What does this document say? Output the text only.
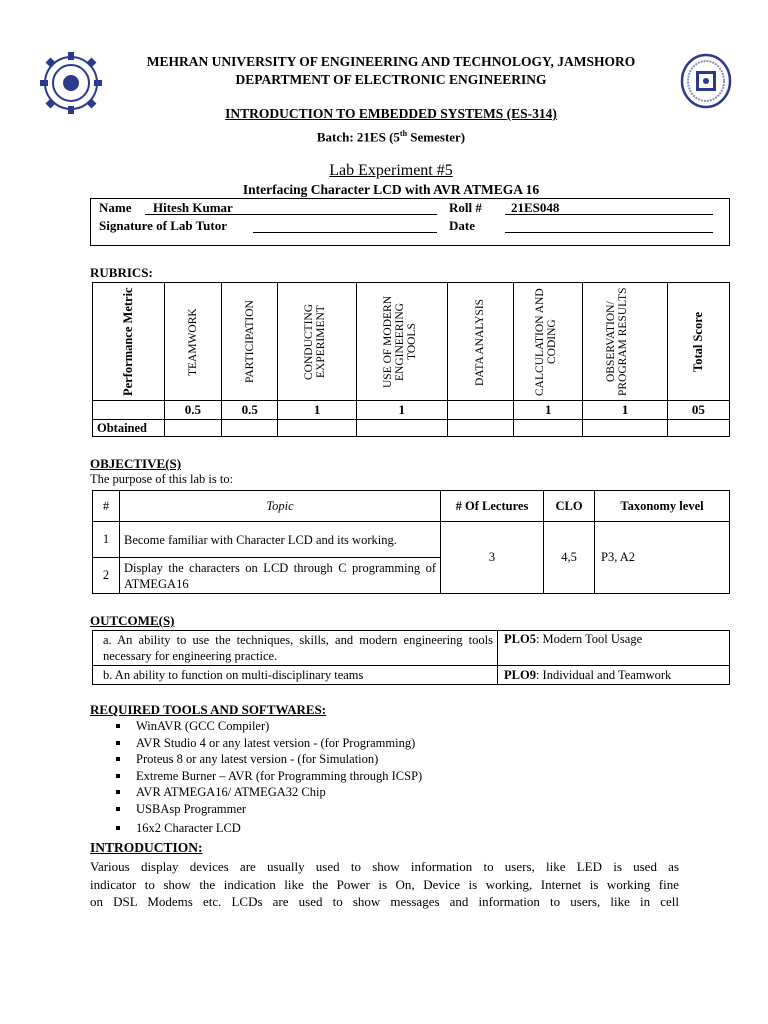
MEHRAN UNIVERSITY OF ENGINEERING AND TECHNOLOGY, JAMSHORO
DEPARTMENT OF ELECTRONIC ENGINEERING
INTRODUCTION TO EMBEDDED SYSTEMS (ES-314)
Batch: 21ES (5th Semester)
Lab Experiment #5
Interfacing Character LCD with AVR ATMEGA 16
Name Hitesh Kumar	Roll # 21ES048
Signature of Lab Tutor	Date
RUBRICS:
Performance Metric	TEAMWORK	PARTICIPATION	CONDUCTING EXPERIMENT	USE OF MODERN ENGINEERING TOOLS	DATA ANALYSIS	CALCULATION AND CODING	OBSERVATION/ PROGRAM RESULTS	Total Score

	0.5	0.5	1	1		1	1	05
Obtained								
OBJECTIVE(S)
The purpose of this lab is to:
#	Topic	# Of Lectures	CLO	Taxonomy level
1	Become familiar with Character LCD and its working.	3	4,5	P3, A2
2	Display the characters on LCD through C programming of ATMEGA16			
OUTCOME(S)
a. An ability to use the techniques, skills, and modern engineering tools necessary for engineering practice.	PLO5: Modern Tool Usage
b. An ability to function on multi-disciplinary teams	PLO9: Individual and Teamwork
REQUIRED TOOLS AND SOFTWARES:
WinAVR (GCC Compiler)
AVR Studio 4 or any latest version - (for Programming)
Proteus 8 or any latest version - (for Simulation)
Extreme Burner – AVR (for Programming through ICSP)
AVR ATMEGA16/ ATMEGA32 Chip
USBAsp Programmer
16x2 Character LCD
INTRODUCTION:
Various display devices are usually used to show information to users, like LED is used as
indicator to show the indication like the Power is On, Device is working, Internet is working fine
on DSL Modems etc. LCDs are used to show messages and information to users, like in cell
